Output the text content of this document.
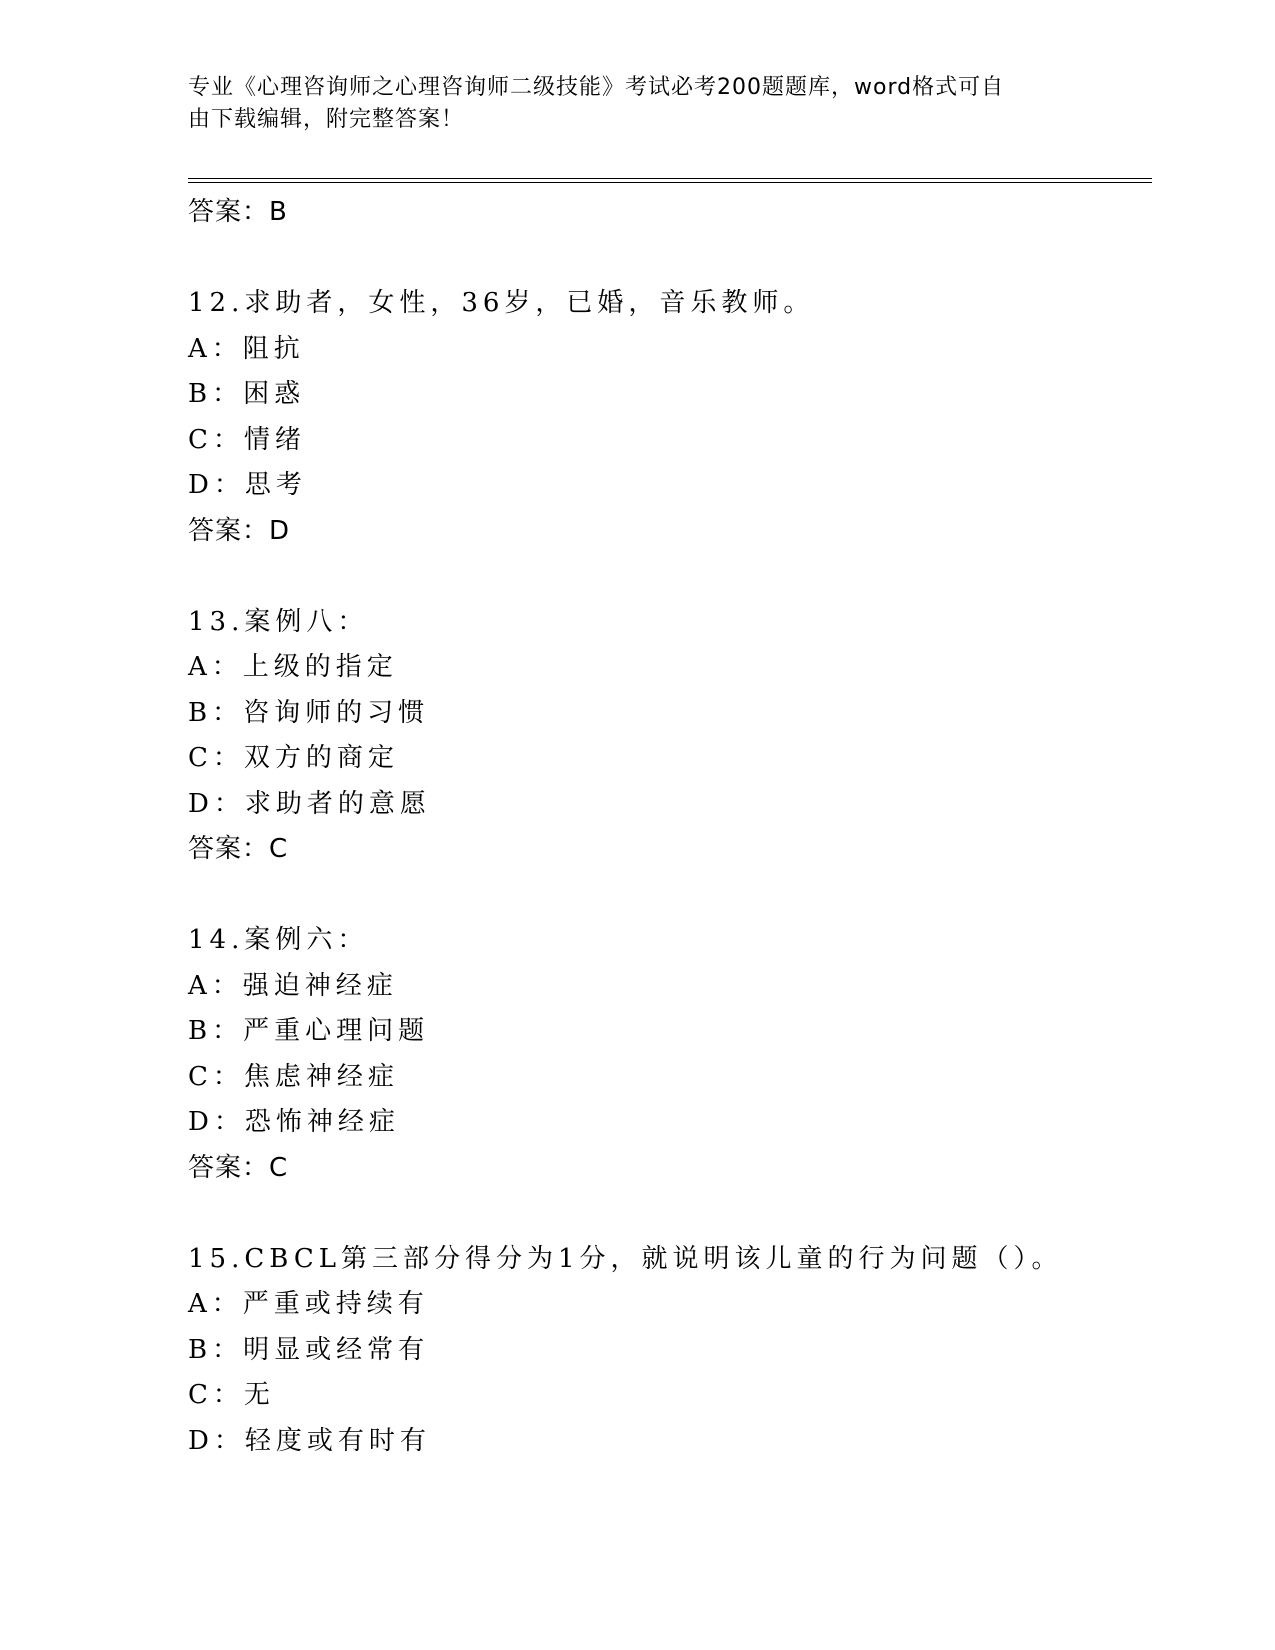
专业《心理咨询师之心理咨询师二级技能》考试必考200题题库，word格式可自
由下载编辑，附完整答案！
答案：B
12.求助者，女性，36岁，已婚，音乐教师。
A：阻抗
B：困惑
C：情绪
D：思考
答案：D
13.案例八：
A：上级的指定
B：咨询师的习惯
C：双方的商定
D：求助者的意愿
答案：C
14.案例六：
A：强迫神经症
B：严重心理问题
C：焦虑神经症
D：恐怖神经症
答案：C
15.CBCL第三部分得分为1分，就说明该儿童的行为问题（）。
A：严重或持续有
B：明显或经常有
C：无
D：轻度或有时有
